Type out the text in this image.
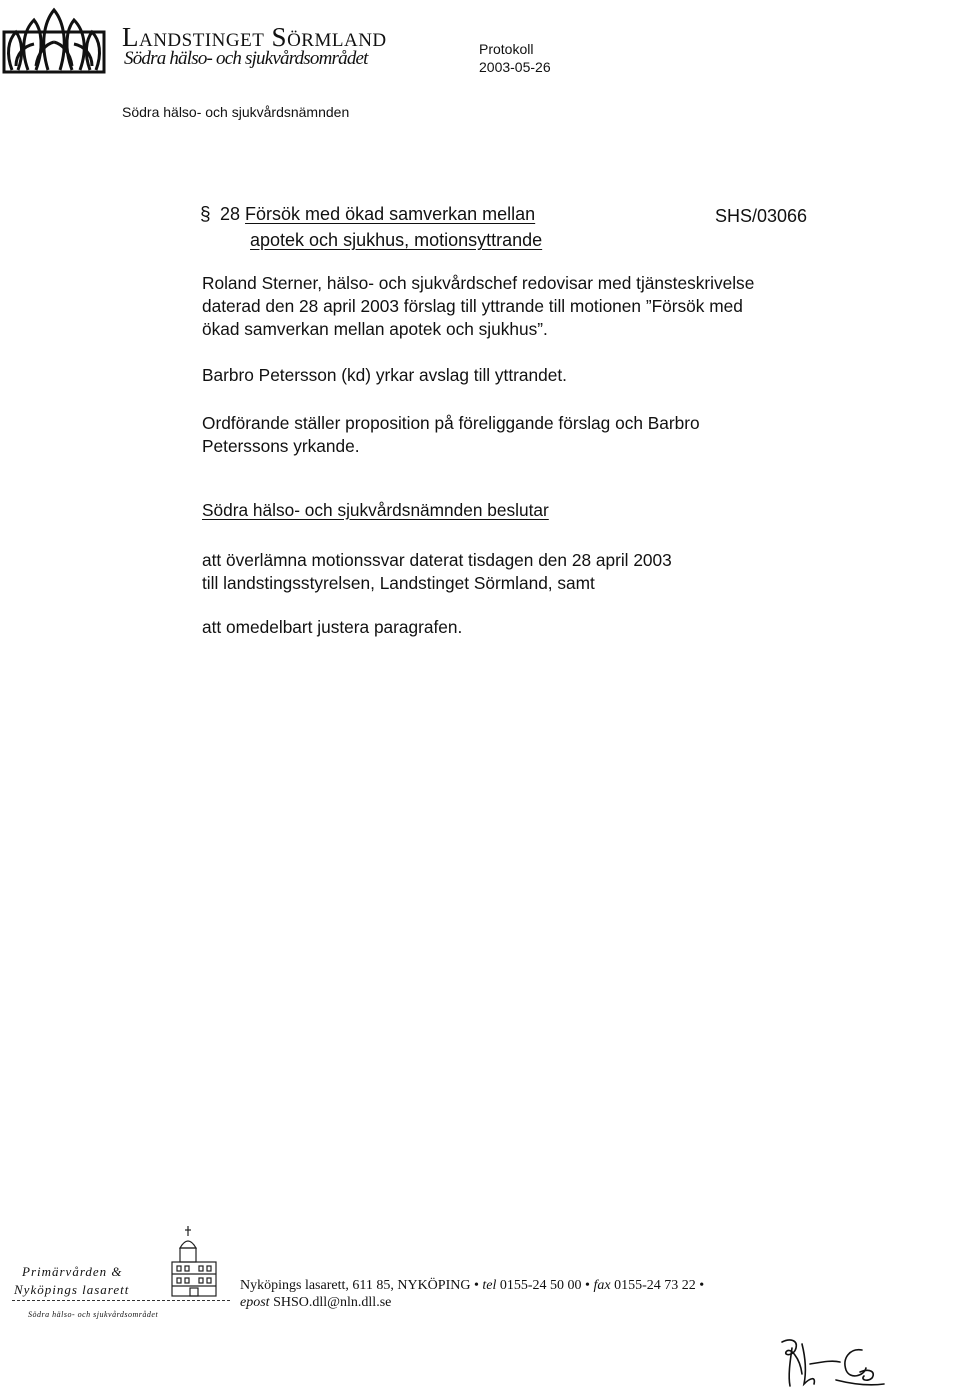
Landstinget Sörmland
Södra hälso- och sjukvårdsområdet	Protokoll
2003-05-26
Södra hälso- och sjukvårdsnämnden
§ 28 Försök med ökad samverkan mellan
apotek och sjukhus, motionsyttrande
SHS/03066
Roland Sterner, hälso- och sjukvårdschef redovisar med tjänsteskrivelse
daterad den 28 april 2003 förslag till yttrande till motionen ”Försök med
ökad samverkan mellan apotek och sjukhus”.
Barbro Petersson (kd) yrkar avslag till yttrandet.
Ordförande ställer proposition på föreliggande förslag och Barbro
Peterssons yrkande.
Södra hälso- och sjukvårdsnämnden beslutar
att överlämna motionssvar daterat tisdagen den 28 april 2003
till landstingsstyrelsen, Landstinget Sörmland, samt
att omedelbart justera paragrafen.
Primärvården &
Nyköpings lasarett
Södra hälso- och sjukvårdsområdet
Nyköpings lasarett, 611 85, NYKÖPING • tel 0155-24 50 00 • fax 0155-24 73 22 •
epost SHSO.dll@nln.dll.se
